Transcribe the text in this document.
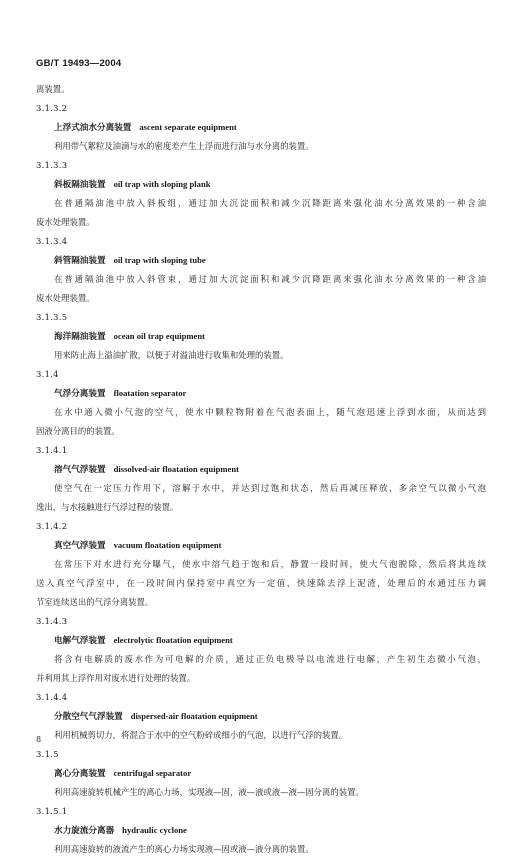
GB/T 19493—2004
离装置。
3.1.3.2
上浮式油水分离装置 ascent separate equipment
利用带气絮粒及油滴与水的密度差产生上浮而进行油与水分离的装置。
3.1.3.3
斜板隔油装置 oil trap with sloping plank
在普通隔油池中放入斜板组，通过加大沉淀面积和减少沉降距离来强化油水分离效果的一种含油
废水处理装置。
3.1.3.4
斜管隔油装置 oil trap with sloping tube
在普通隔油池中放入斜管束，通过加大沉淀面积和减少沉降距离来强化油水分离效果的一种含油
废水处理装置。
3.1.3.5
海洋隔油装置 ocean oil trap equipment
用来防止海上溢油扩散，以便于对溢油进行收集和处理的装置。
3.1.4
气浮分离装置 floatation separator
在水中通入微小气泡的空气，使水中颗粒物附着在气泡表面上，随气泡迅速上浮到水面，从而达到
固液分离目的的装置。
3.1.4.1
溶气气浮装置 dissolved-air floatation equipment
使空气在一定压力作用下，溶解于水中，并达到过饱和状态，然后再减压释放，多余空气以微小气泡
逸出，与水接触进行气浮过程的装置。
3.1.4.2
真空气浮装置 vacuum floatation equipment
在常压下对水进行充分曝气，使水中溶气趋于饱和后，静置一段时间，使大气泡脱除，然后将其连续
送入真空气浮室中，在一段时间内保持室中真空为一定值，快速除去浮上泥渣，处理后的水通过压力调
节室连续送出的气浮分离装置。
3.1.4.3
电解气浮装置 electrolytic floatation equipment
将含有电解质的废水作为可电解的介质，通过正负电极导以电流进行电解，产生初生态微小气泡，
并利用其上浮作用对废水进行处理的装置。
3.1.4.4
分散空气气浮装置 dispersed-air floatation equipment
利用机械剪切力，将混合于水中的空气粉碎成细小的气泡，以进行气浮的装置。
3.1.5
离心分离装置 centrifugal separator
利用高速旋转机械产生的离心力场，实现液—固，液—液或液—液—固分离的装置。
3.1.5.1
水力旋流分离器 hydraulic cyclone
利用高速旋转的液流产生的离心力场实现液—固或液—液分离的装置。
8
